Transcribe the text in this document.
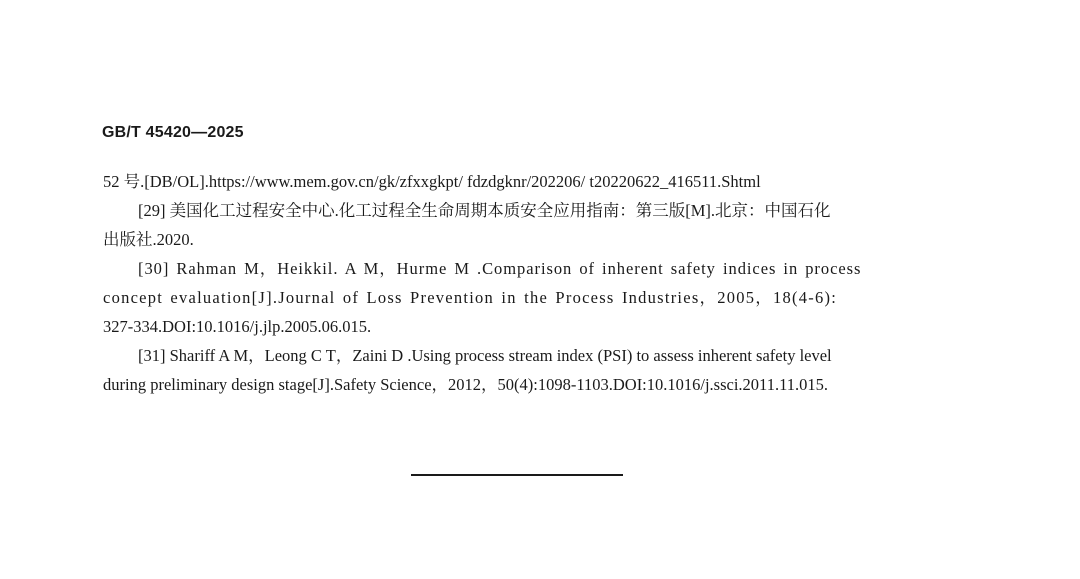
GB/T 45420—2025
52 号.[DB/OL].https://www.mem.gov.cn/gk/zfxxgkpt/ fdzdgknr/202206/ t20220622_416511.Shtml
[29] 美国化工过程安全中心.化工过程全生命周期本质安全应用指南：第三版[M].北京：中国石化
出版社.2020.
[30] Rahman M，Heikkil. A M，Hurme M .Comparison of inherent safety indices in process
concept evaluation[J].Journal of Loss Prevention in the Process Industries，2005，18(4-6):
327-334.DOI:10.1016/j.jlp.2005.06.015.
[31] Shariff A M，Leong C T，Zaini D .Using process stream index (PSI) to assess inherent safety level
during preliminary design stage[J].Safety Science，2012，50(4):1098-1103.DOI:10.1016/j.ssci.2011.11.015.
